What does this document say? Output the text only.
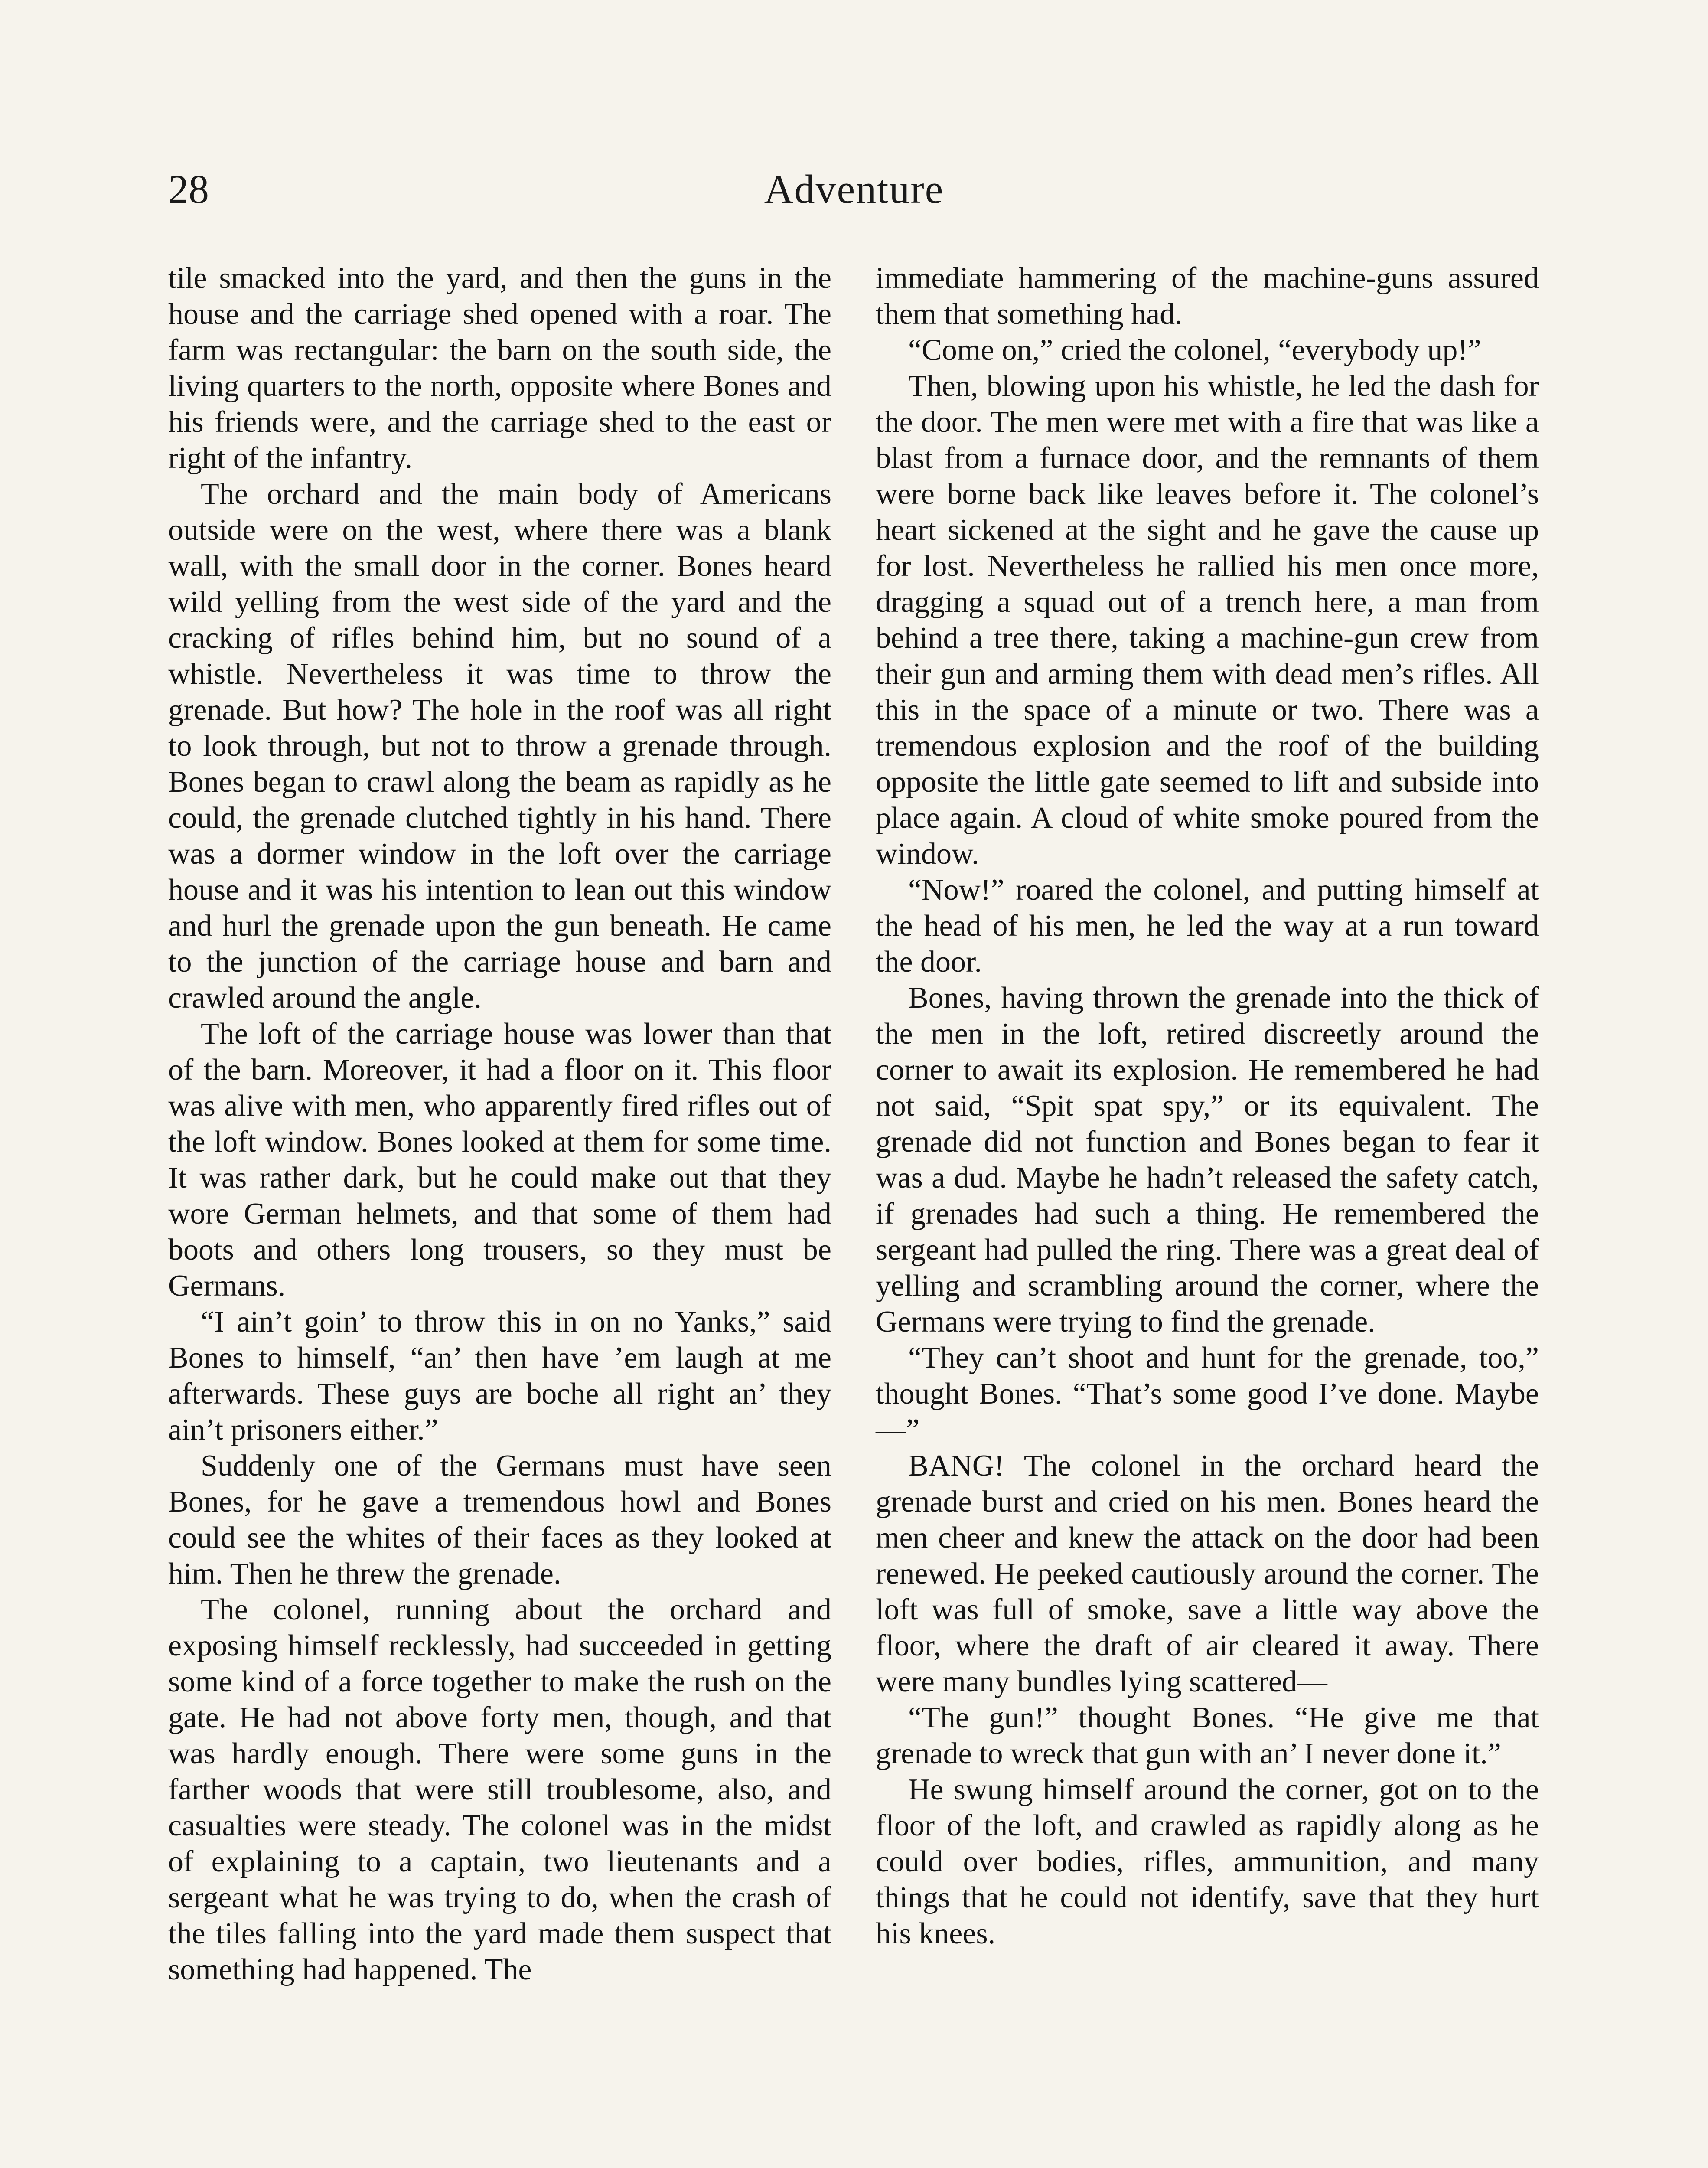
28	Adventure

tile smacked into the yard, and then the guns in the house and the carriage shed opened with a roar. The farm was rectangular: the barn on the south side, the living quarters to the north, opposite where Bones and his friends were, and the carriage shed to the east or right of the infantry.

The orchard and the main body of Americans outside were on the west, where there was a blank wall, with the small door in the corner. Bones heard wild yelling from the west side of the yard and the cracking of rifles behind him, but no sound of a whistle. Nevertheless it was time to throw the grenade. But how? The hole in the roof was all right to look through, but not to throw a grenade through. Bones began to crawl along the beam as rapidly as he could, the grenade clutched tightly in his hand. There was a dormer window in the loft over the carriage house and it was his intention to lean out this window and hurl the grenade upon the gun beneath. He came to the junction of the carriage house and barn and crawled around the angle.

The loft of the carriage house was lower than that of the barn. Moreover, it had a floor on it. This floor was alive with men, who apparently fired rifles out of the loft window. Bones looked at them for some time. It was rather dark, but he could make out that they wore German helmets, and that some of them had boots and others long trousers, so they must be Germans.

“I ain’t goin’ to throw this in on no Yanks,” said Bones to himself, “an’ then have ’em laugh at me afterwards. These guys are boche all right an’ they ain’t prisoners either.”

Suddenly one of the Germans must have seen Bones, for he gave a tremendous howl and Bones could see the whites of their faces as they looked at him. Then he threw the grenade.

The colonel, running about the orchard and exposing himself recklessly, had succeeded in getting some kind of a force together to make the rush on the gate. He had not above forty men, though, and that was hardly enough. There were some guns in the farther woods that were still troublesome, also, and casualties were steady. The colonel was in the midst of explaining to a captain, two lieutenants and a sergeant what he was trying to do, when the crash of the tiles falling into the yard made them suspect that something had happened. The

immediate hammering of the machine-guns assured them that something had.

“Come on,” cried the colonel, “everybody up!”

Then, blowing upon his whistle, he led the dash for the door. The men were met with a fire that was like a blast from a furnace door, and the remnants of them were borne back like leaves before it. The colonel’s heart sickened at the sight and he gave the cause up for lost. Nevertheless he rallied his men once more, dragging a squad out of a trench here, a man from behind a tree there, taking a machine-gun crew from their gun and arming them with dead men’s rifles. All this in the space of a minute or two. There was a tremendous explosion and the roof of the building opposite the little gate seemed to lift and subside into place again. A cloud of white smoke poured from the window.

“Now!” roared the colonel, and putting himself at the head of his men, he led the way at a run toward the door.

Bones, having thrown the grenade into the thick of the men in the loft, retired discreetly around the corner to await its explosion. He remembered he had not said, “Spit spat spy,” or its equivalent. The grenade did not function and Bones began to fear it was a dud. Maybe he hadn’t released the safety catch, if grenades had such a thing. He remembered the sergeant had pulled the ring. There was a great deal of yelling and scrambling around the corner, where the Germans were trying to find the grenade.

“They can’t shoot and hunt for the grenade, too,” thought Bones. “That’s some good I’ve done. Maybe—”

BANG! The colonel in the orchard heard the grenade burst and cried on his men. Bones heard the men cheer and knew the attack on the door had been renewed. He peeked cautiously around the corner. The loft was full of smoke, save a little way above the floor, where the draft of air cleared it away. There were many bundles lying scattered—

“The gun!” thought Bones. “He give me that grenade to wreck that gun with an’ I never done it.”

He swung himself around the corner, got on to the floor of the loft, and crawled as rapidly along as he could over bodies, rifles, ammunition, and many things that he could not identify, save that they hurt his knees.
